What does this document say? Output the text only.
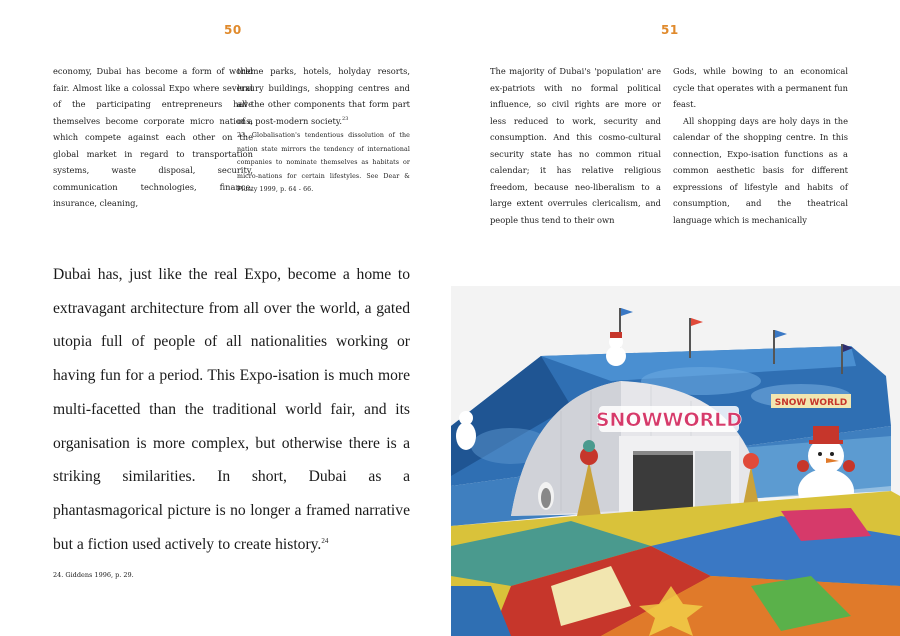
50

economy, Dubai has become a form of world fair. Almost like a colossal Expo where several of the participating entrepreneurs have themselves become corporate micro nations, which compete against each other on the global market in regard to transportation systems, waste disposal, security, communication technologies, finance, insurance, cleaning,

theme parks, hotels, holyday resorts, luxury buildings, shopping centres and all the other components that form part of a post-modern society.$^{23}$

23. Globalisation's tendentious dissolution of the nation state mirrors the tendency of international companies to nominate themselves as habitats or micro-nations for certain lifestyles. See Dear & Flusty 1999, p. 64 - 66.

Dubai has, just like the real Expo, become a home to extravagant architecture from all over the world, a gated utopia full of people of all nationalities working or having fun for a period. This Expo-isation is much more multi-facetted than the traditional world fair, and its organisation is more complex, but otherwise there is a striking similarities. In short, Dubai as a phantasmagorical picture is no longer a framed narrative but a fiction used actively to create history.$^{24}$
24. Giddens 1996, p. 29.
51

The majority of Dubai's 'population' are ex-patriots with no formal political influence, so civil rights are more or less reduced to work, security and consumption. And this cosmo-cultural security state has no common ritual calendar; it has relative religious freedom, because neo-liberalism to a large extent overrules clericalism, and people thus tend to their own

Gods, while bowing to an economical cycle that operates with a permanent fun feast.

All shopping days are holy days in the calendar of the shopping centre. In this connection, Expo-isation functions as a common aesthetic basis for different expressions of lifestyle and habits of consumption, and the theatrical language which is mechanically

SNOW WORLD
SNOWWORLD
